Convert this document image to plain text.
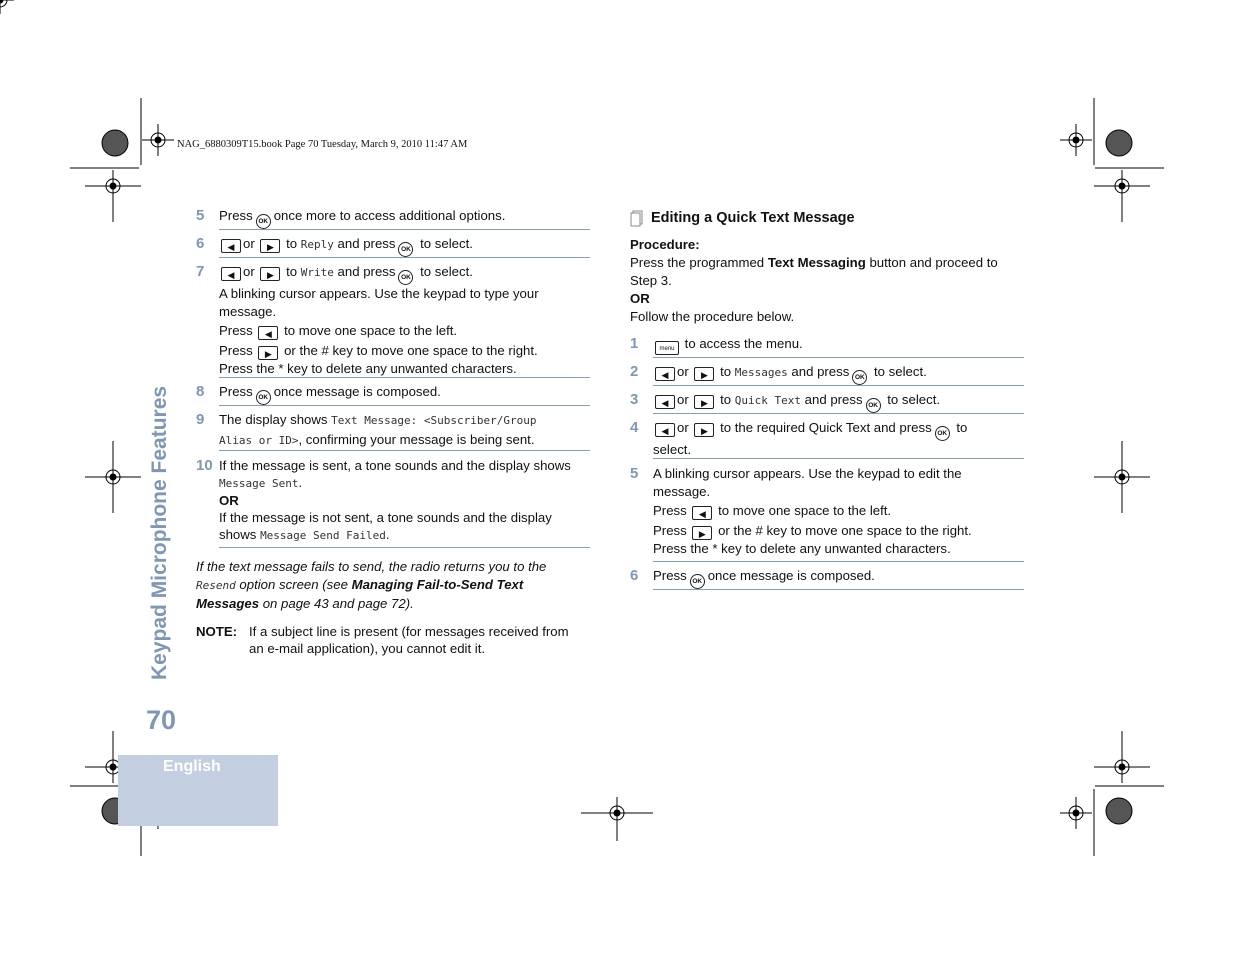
NAG_6880309T15.book Page 70 Tuesday, March 9, 2010 11:47 AM
Keypad Microphone Features
70
English
5 Press OK once more to access additional options.
6	◀ or ▶ to Reply and press OK to select.
7	◀ or ▶ to Write and press OK to select.
A blinking cursor appears. Use the keypad to type your message.
Press ◀ to move one space to the left.
Press ▶ or the # key to move one space to the right.
Press the * key to delete any unwanted characters.
8 Press OK once message is composed.
9 The display shows Text Message: <Subscriber/Group
Alias or ID>, confirming your message is being sent.
10 If the message is sent, a tone sounds and the display shows
Message Sent.
OR
If the message is not sent, a tone sounds and the display
shows Message Send Failed.
If the text message fails to send, the radio returns you to the
Resend option screen (see Managing Fail-to-Send Text
Messages on page 43 and page 72).
NOTE: If a subject line is present (for messages received from
an e-mail application), you cannot edit it.
Editing a Quick Text Message
Procedure:
Press the programmed Text Messaging button and proceed to
Step 3.
OR
Follow the procedure below.
1	menu to access the menu.
2	◀ or ▶ to Messages and press OK to select.
3	◀ or ▶ to Quick Text and press OK to select.
4	◀ or ▶ to the required Quick Text and press OK to
select.
5 A blinking cursor appears. Use the keypad to edit the
message.
Press ◀ to move one space to the left.
Press ▶ or the # key to move one space to the right.
Press the * key to delete any unwanted characters.
6 Press OK once message is composed.
